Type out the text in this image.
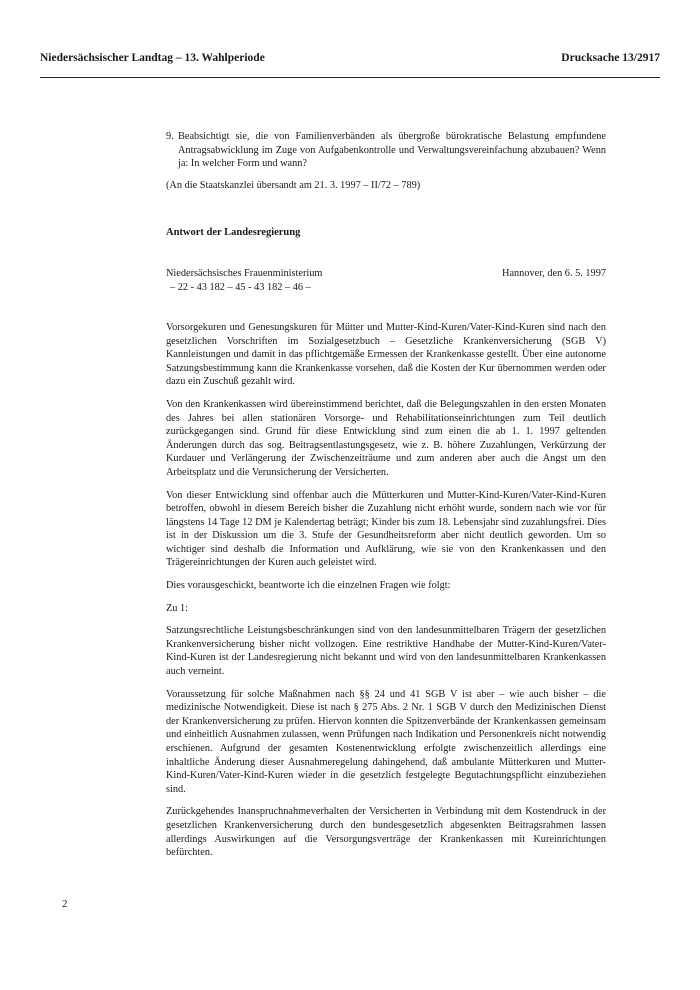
Niedersächsischer Landtag – 13. Wahlperiode	Drucksache 13/2917
9. Beabsichtigt sie, die von Familienverbänden als übergroße bürokratische Belastung empfundene Antragsabwicklung im Zuge von Aufgabenkontrolle und Verwaltungsvereinfachung abzubauen? Wenn ja: In welcher Form und wann?
(An die Staatskanzlei übersandt am 21. 3. 1997 – II/72 – 789)
Antwort der Landesregierung
Niedersächsisches Frauenministerium
– 22 - 43 182 – 45 - 43 182 – 46 –
Hannover, den 6. 5. 1997

Vorsorgekuren und Genesungskuren für Mütter und Mutter-Kind-Kuren/Vater-Kind-Kuren sind nach den gesetzlichen Vorschriften im Sozialgesetzbuch – Gesetzliche Krankenversicherung (SGB V) Kannleistungen und damit in das pflichtgemäße Ermessen der Krankenkasse gestellt. Über eine autonome Satzungsbestimmung kann die Krankenkasse vorsehen, daß die Kosten der Kur übernommen werden oder dazu ein Zuschuß gezahlt wird.

Von den Krankenkassen wird übereinstimmend berichtet, daß die Belegungszahlen in den ersten Monaten des Jahres bei allen stationären Vorsorge- und Rehabilitationseinrichtungen zum Teil deutlich zurückgegangen sind. Grund für diese Entwicklung sind zum einen die ab 1. 1. 1997 geltenden Änderungen durch das sog. Beitragsentlastungsgesetz, wie z. B. höhere Zuzahlungen, Verkürzung der Kurdauer und Verlängerung der Zwischenzeiträume und zum anderen aber auch die Angst um den Arbeitsplatz und die Verunsicherung der Versicherten.

Von dieser Entwicklung sind offenbar auch die Mütterkuren und Mutter-Kind-Kuren/Vater-Kind-Kuren betroffen, obwohl in diesem Bereich bisher die Zuzahlung nicht erhöht wurde, sondern nach wie vor für längstens 14 Tage 12 DM je Kalendertag beträgt; Kinder bis zum 18. Lebensjahr sind zuzahlungsfrei. Dies ist in der Diskussion um die 3. Stufe der Gesundheitsreform aber nicht deutlich geworden. Um so wichtiger sind deshalb die Information und Aufklärung, wie sie von den Krankenkassen und den Trägereinrichtungen der Kuren auch geleistet wird.

Dies vorausgeschickt, beantworte ich die einzelnen Fragen wie folgt:

Zu 1:

Satzungsrechtliche Leistungsbeschränkungen sind von den landesunmittelbaren Trägern der gesetzlichen Krankenversicherung bisher nicht vollzogen. Eine restriktive Handhabe der Mutter-Kind-Kuren/Vater-Kind-Kuren ist der Landesregierung nicht bekannt und wird von den landesunmittelbaren Krankenkassen auch verneint.

Voraussetzung für solche Maßnahmen nach §§ 24 und 41 SGB V ist aber – wie auch bisher – die medizinische Notwendigkeit. Diese ist nach § 275 Abs. 2 Nr. 1 SGB V durch den Medizinischen Dienst der Krankenversicherung zu prüfen. Hiervon konnten die Spitzenverbände der Krankenkassen gemeinsam und einheitlich Ausnahmen zulassen, wenn Prüfungen nach Indikation und Personenkreis nicht notwendig erschienen. Aufgrund der gesamten Kostenentwicklung erfolgte zwischenzeitlich allerdings eine inhaltliche Änderung dieser Ausnahmeregelung dahingehend, daß ambulante Mütterkuren und Mutter-Kind-Kuren/Vater-Kind-Kuren wieder in die gesetzlich festgelegte Begutachtungspflicht einzubeziehen sind.

Zurückgehendes Inanspruchnahmeverhalten der Versicherten in Verbindung mit dem Kostendruck in der gesetzlichen Krankenversicherung durch den bundesgesetzlich abgesenkten Beitragsrahmen lassen allerdings Auswirkungen auf die Versorgungsverträge der Krankenkassen mit Kureinrichtungen befürchten.

2
